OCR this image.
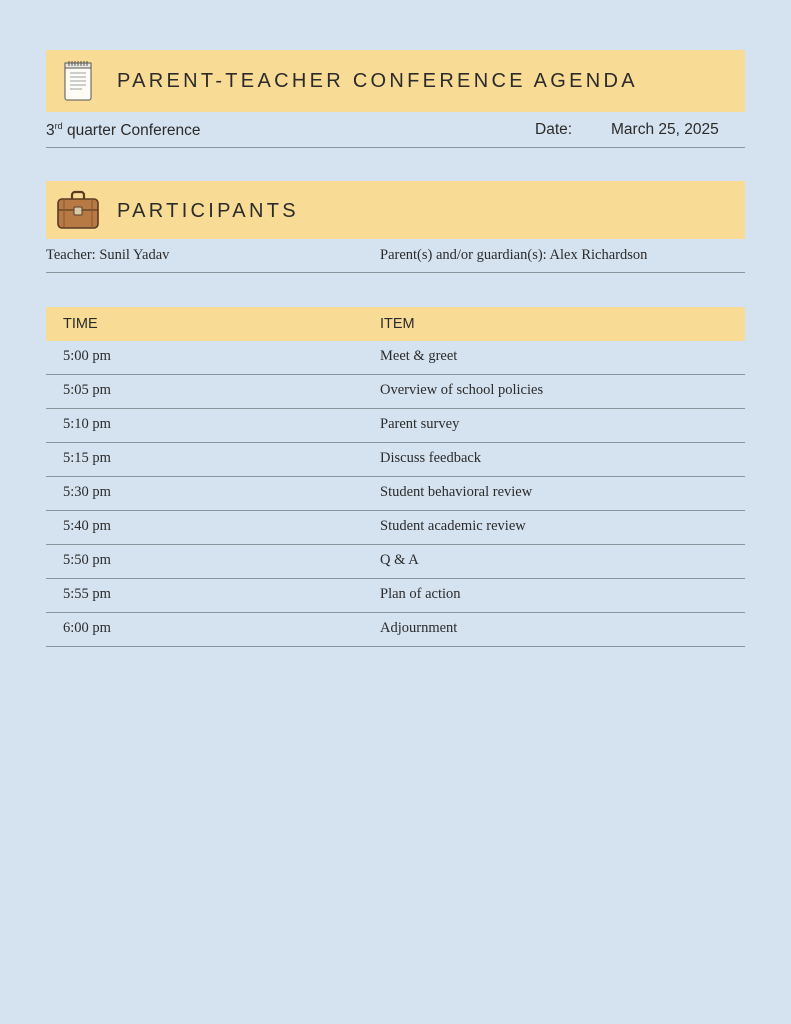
PARENT-TEACHER CONFERENCE AGENDA
3rd quarter Conference	Date:	March 25, 2025
PARTICIPANTS
Teacher: Sunil Yadav	Parent(s) and/or guardian(s): Alex Richardson
TIME	ITEM
5:00 pm	Meet & greet
5:05 pm	Overview of school policies
5:10 pm	Parent survey
5:15 pm	Discuss feedback
5:30 pm	Student behavioral review
5:40 pm	Student academic review
5:50 pm	Q & A
5:55 pm	Plan of action
6:00 pm	Adjournment
